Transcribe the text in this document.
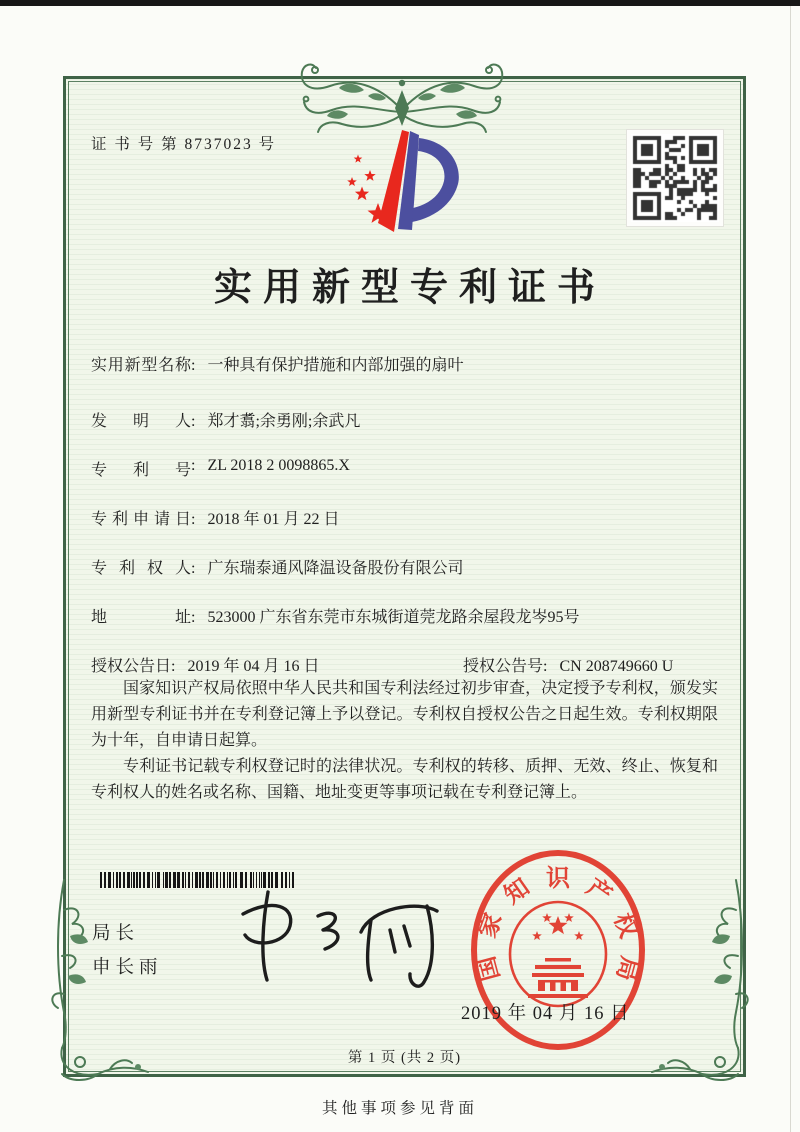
证 书 号 第 8737023 号
实用新型专利证书
实用新型名称: 一种具有保护措施和内部加强的扇叶
发明人: 郑才翥;余勇刚;余武凡
专利号: ZL 2018 2 0098865.X
专利申请日: 2018 年 01 月 22 日
专利权人: 广东瑞泰通风降温设备股份有限公司
地址: 523000 广东省东莞市东城街道莞龙路余屋段龙岑95号
授权公告日: 2019 年 04 月 16 日	授权公告号: CN 208749660 U

国家知识产权局依照中华人民共和国专利法经过初步审查，决定授予专利权，颁发实用新型专利证书并在专利登记簿上予以登记。专利权自授权公告之日起生效。专利权期限为十年，自申请日起算。

专利证书记载专利权登记时的法律状况。专利权的转移、质押、无效、终止、恢复和专利权人的姓名或名称、国籍、地址变更等事项记载在专利登记簿上。

局长
申长雨	国
家
知 识 产
权
局
2019 年 04 月 16 日
第 1 页 (共 2 页)
其他事项参见背面
